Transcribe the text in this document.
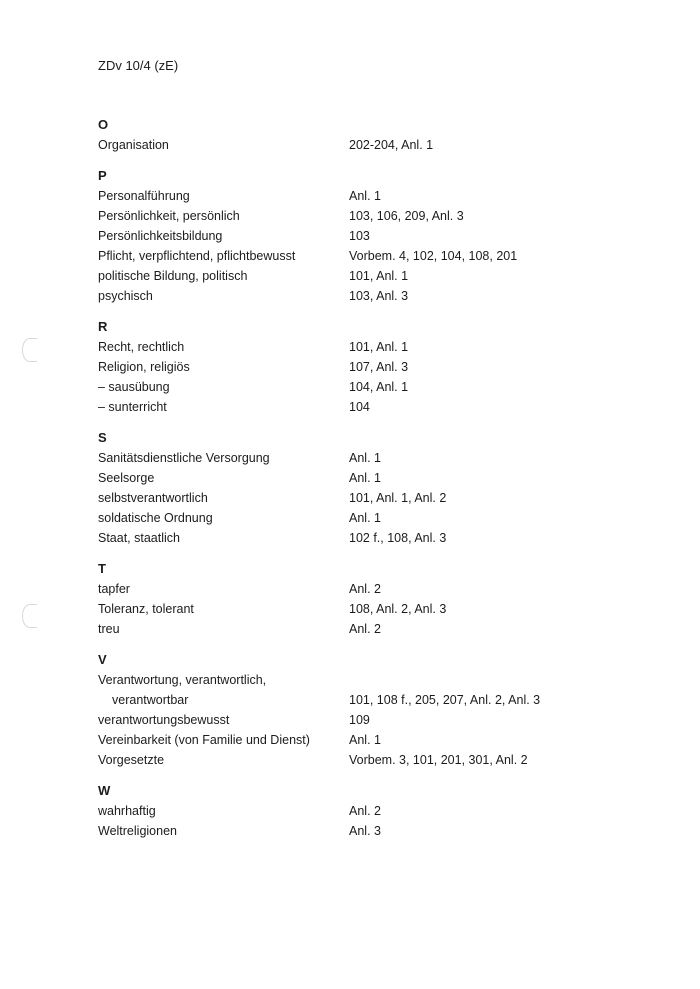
ZDv 10/4 (zE)
O
Organisation	202-204, Anl. 1
P
Personalführung	Anl. 1
Persönlichkeit, persönlich	103, 106, 209, Anl. 3
Persönlichkeitsbildung	103
Pflicht, verpflichtend, pflichtbewusst	Vorbem. 4, 102, 104, 108, 201
politische Bildung, politisch	101, Anl. 1
psychisch	103, Anl. 3
R
Recht, rechtlich	101, Anl. 1
Religion, religiös	107, Anl. 3
– sausübung	104, Anl. 1
– sunterricht	104
S
Sanitätsdienstliche Versorgung	Anl. 1
Seelsorge	Anl. 1
selbstverantwortlich	101, Anl. 1, Anl. 2
soldatische Ordnung	Anl. 1
Staat, staatlich	102 f., 108, Anl. 3
T
tapfer	Anl. 2
Toleranz, tolerant	108, Anl. 2, Anl. 3
treu	Anl. 2
V
Verantwortung, verantwortlich,
verantwortbar	101, 108 f., 205, 207, Anl. 2, Anl. 3
verantwortungsbewusst	109
Vereinbarkeit (von Familie und Dienst)	Anl. 1
Vorgesetzte	Vorbem. 3, 101, 201, 301, Anl. 2
W
wahrhaftig	Anl. 2
Weltreligionen	Anl. 3
